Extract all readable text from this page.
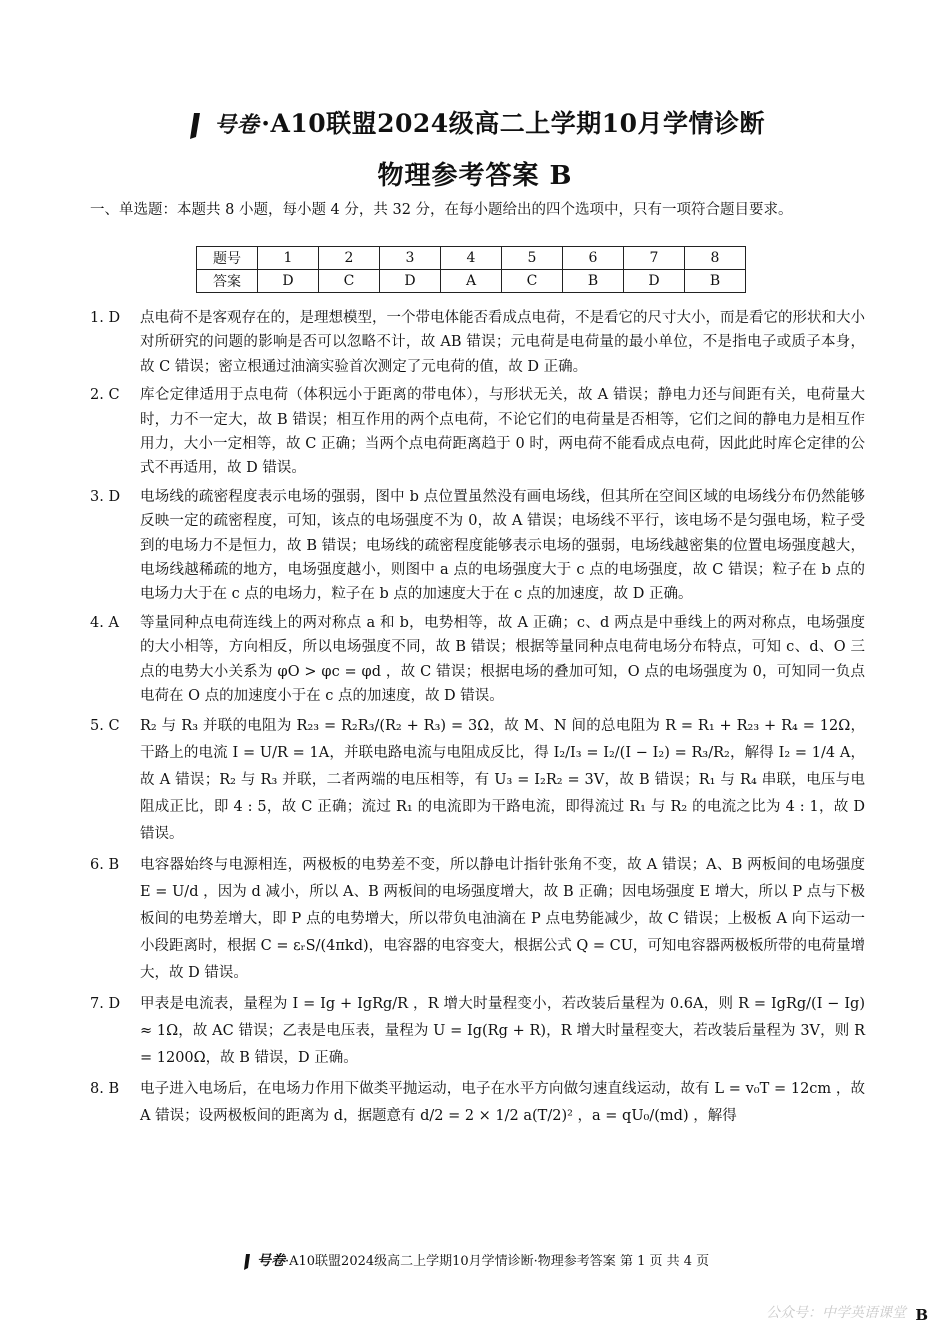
号卷·A10联盟2024级高二上学期10月学情诊断
物理参考答案 B
一、单选题：本题共 8 小题，每小题 4 分，共 32 分，在每小题给出的四个选项中，只有一项符合题目要求。
题号	1	2	3	4	5	6	7	8
答案	D	C	D	A	C	B	D	B
1. D	点电荷不是客观存在的，是理想模型，一个带电体能否看成点电荷，不是看它的尺寸大小，而是看它的形状和大小对所研究的问题的影响是否可以忽略不计，故 AB 错误；元电荷是电荷量的最小单位，不是指电子或质子本身，故 C 错误；密立根通过油滴实验首次测定了元电荷的值，故 D 正确。
2. C	库仑定律适用于点电荷（体积远小于距离的带电体），与形状无关，故 A 错误；静电力还与间距有关，电荷量大时，力不一定大，故 B 错误；相互作用的两个点电荷，不论它们的电荷量是否相等，它们之间的静电力是相互作用力，大小一定相等，故 C 正确；当两个点电荷距离趋于 0 时，两电荷不能看成点电荷，因此此时库仑定律的公式不再适用，故 D 错误。
3. D	电场线的疏密程度表示电场的强弱，图中 b 点位置虽然没有画电场线，但其所在空间区域的电场线分布仍然能够反映一定的疏密程度，可知，该点的电场强度不为 0，故 A 错误；电场线不平行，该电场不是匀强电场，粒子受到的电场力不是恒力，故 B 错误；电场线的疏密程度能够表示电场的强弱，电场线越密集的位置电场强度越大，电场线越稀疏的地方，电场强度越小，则图中 a 点的电场强度大于 c 点的电场强度，故 C 错误；粒子在 b 点的电场力大于在 c 点的电场力，粒子在 b 点的加速度大于在 c 点的加速度，故 D 正确。
4. A	等量同种点电荷连线上的两对称点 a 和 b，电势相等，故 A 正确；c、d 两点是中垂线上的两对称点，电场强度的大小相等，方向相反，所以电场强度不同，故 B 错误；根据等量同种点电荷电场分布特点，可知 c、d、O 三点的电势大小关系为 φO > φc = φd ，故 C 错误；根据电场的叠加可知，O 点的电场强度为 0，可知同一负点电荷在 O 点的加速度小于在 c 点的加速度，故 D 错误。
5. C	R₂ 与 R₃ 并联的电阻为 R₂₃ = R₂R₃/(R₂ + R₃) = 3Ω，故 M、N 间的总电阻为 R = R₁ + R₂₃ + R₄ = 12Ω，干路上的电流 I = U/R = 1A，并联电路电流与电阻成反比，得 I₂/I₃ = I₂/(I − I₂) = R₃/R₂，解得 I₂ = 1/4 A，故 A 错误；R₂ 与 R₃ 并联，二者两端的电压相等，有 U₃ = I₂R₂ = 3V，故 B 错误；R₁ 与 R₄ 串联，电压与电阻成正比，即 4 : 5，故 C 正确；流过 R₁ 的电流即为干路电流，即得流过 R₁ 与 R₂ 的电流之比为 4 : 1，故 D 错误。
6. B	电容器始终与电源相连，两极板的电势差不变，所以静电计指针张角不变，故 A 错误；A、B 两板间的电场强度 E = U/d ，因为 d 减小，所以 A、B 两板间的电场强度增大，故 B 正确；因电场强度 E 增大，所以 P 点与下极板间的电势差增大，即 P 点的电势增大，所以带负电油滴在 P 点电势能减少，故 C 错误；上极板 A 向下运动一小段距离时，根据 C = εᵣS/(4πkd)，电容器的电容变大，根据公式 Q = CU，可知电容器两极板所带的电荷量增大，故 D 错误。
7. D	甲表是电流表，量程为 I = Ig + IgRg/R ，R 增大时量程变小，若改装后量程为 0.6A，则 R = IgRg/(I − Ig) ≈ 1Ω，故 AC 错误；乙表是电压表，量程为 U = Ig(Rg + R)，R 增大时量程变大，若改装后量程为 3V，则 R = 1200Ω，故 B 错误，D 正确。
8. B	电子进入电场后，在电场力作用下做类平抛运动，电子在水平方向做匀速直线运动，故有 L = v₀T = 12cm ，故 A 错误；设两极板间的距离为 d，据题意有 d/2 = 2 × 1/2 a(T/2)² ，a = qU₀/(md) ，解得
号卷·A10联盟2024级高二上学期10月学情诊断·物理参考答案 第 1 页 共 4 页
公众号：中学英语课堂 B
